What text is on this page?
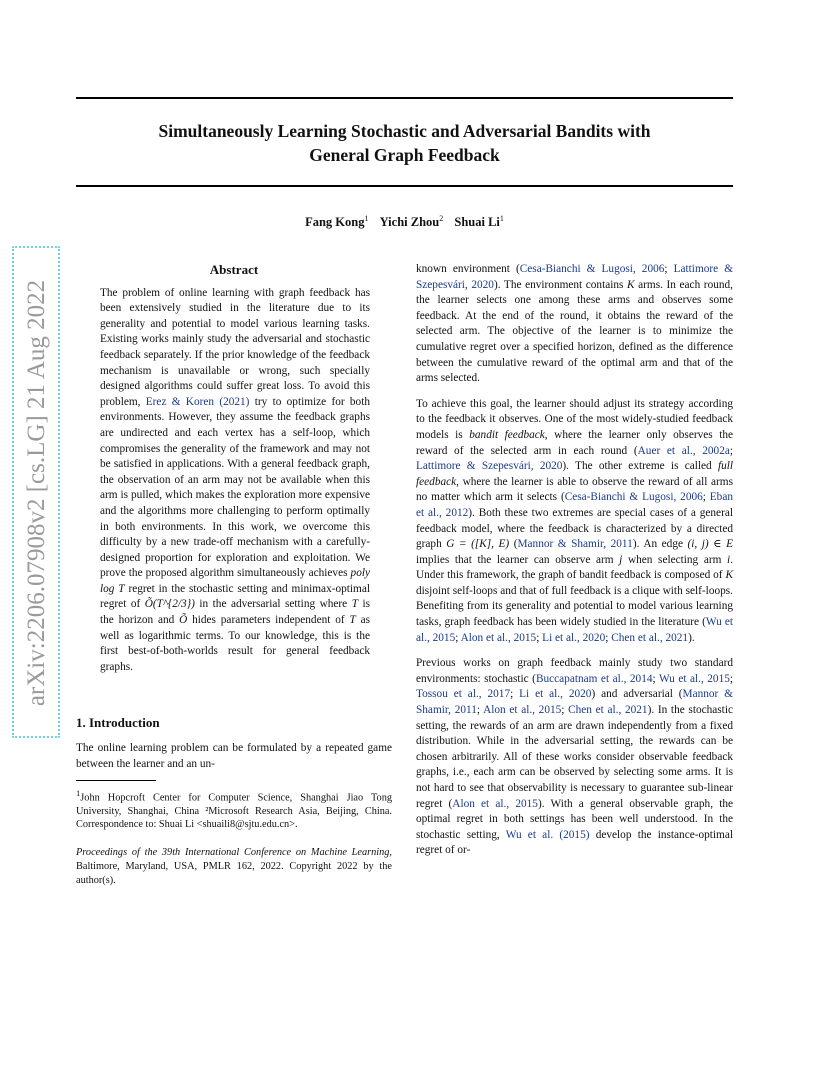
Simultaneously Learning Stochastic and Adversarial Bandits with
General Graph Feedback
Fang Kong$^1$ Yichi Zhou$^2$ Shuai Li$^1$
arXiv:2206.07908v2 [cs.LG] 21 Aug 2022
Abstract

The problem of online learning with graph feedback has been extensively studied in the literature due to its generality and potential to model various learning tasks. Existing works mainly study the adversarial and stochastic feedback separately. If the prior knowledge of the feedback mechanism is unavailable or wrong, such specially designed algorithms could suffer great loss. To avoid this problem, Erez & Koren (2021) try to optimize for both environments. However, they assume the feedback graphs are undirected and each vertex has a self-loop, which compromises the generality of the framework and may not be satisfied in applications. With a general feedback graph, the observation of an arm may not be available when this arm is pulled, which makes the exploration more expensive and the algorithms more challenging to perform optimally in both environments. In this work, we overcome this difficulty by a new trade-off mechanism with a carefully-designed proportion for exploration and exploitation. We prove the proposed algorithm simultaneously achieves poly log T regret in the stochastic setting and minimax-optimal regret of Õ(T^{2/3}) in the adversarial setting where T is the horizon and Õ hides parameters independent of T as well as logarithmic terms. To our knowledge, this is the first best-of-both-worlds result for general feedback graphs.

1. Introduction

The online learning problem can be formulated by a repeated game between the learner and an un-

$^1$John Hopcroft Center for Computer Science, Shanghai Jiao Tong University, Shanghai, China ²Microsoft Research Asia, Beijing, China. Correspondence to: Shuai Li <shuaili8@sjtu.edu.cn>.

Proceedings of the 39th International Conference on Machine Learning, Baltimore, Maryland, USA, PMLR 162, 2022. Copyright 2022 by the author(s).

known environment (Cesa-Bianchi & Lugosi, 2006; Lattimore & Szepesvári, 2020). The environment contains K arms. In each round, the learner selects one among these arms and observes some feedback. At the end of the round, it obtains the reward of the selected arm. The objective of the learner is to minimize the cumulative regret over a specified horizon, defined as the difference between the cumulative reward of the optimal arm and that of the arms selected.

To achieve this goal, the learner should adjust its strategy according to the feedback it observes. One of the most widely-studied feedback models is bandit feedback, where the learner only observes the reward of the selected arm in each round (Auer et al., 2002a; Lattimore & Szepesvári, 2020). The other extreme is called full feedback, where the learner is able to observe the reward of all arms no matter which arm it selects (Cesa-Bianchi & Lugosi, 2006; Eban et al., 2012). Both these two extremes are special cases of a general feedback model, where the feedback is characterized by a directed graph G = ([K], E) (Mannor & Shamir, 2011). An edge (i, j) ∈ E implies that the learner can observe arm j when selecting arm i. Under this framework, the graph of bandit feedback is composed of K disjoint self-loops and that of full feedback is a clique with self-loops. Benefiting from its generality and potential to model various learning tasks, graph feedback has been widely studied in the literature (Wu et al., 2015; Alon et al., 2015; Li et al., 2020; Chen et al., 2021).

Previous works on graph feedback mainly study two standard environments: stochastic (Buccapatnam et al., 2014; Wu et al., 2015; Tossou et al., 2017; Li et al., 2020) and adversarial (Mannor & Shamir, 2011; Alon et al., 2015; Chen et al., 2021). In the stochastic setting, the rewards of an arm are drawn independently from a fixed distribution. While in the adversarial setting, the rewards can be chosen arbitrarily. All of these works consider observable feedback graphs, i.e., each arm can be observed by selecting some arms. It is not hard to see that observability is necessary to guarantee sub-linear regret (Alon et al., 2015). With a general observable graph, the optimal regret in both settings has been well understood. In the stochastic setting, Wu et al. (2015) develop the instance-optimal regret of or-
